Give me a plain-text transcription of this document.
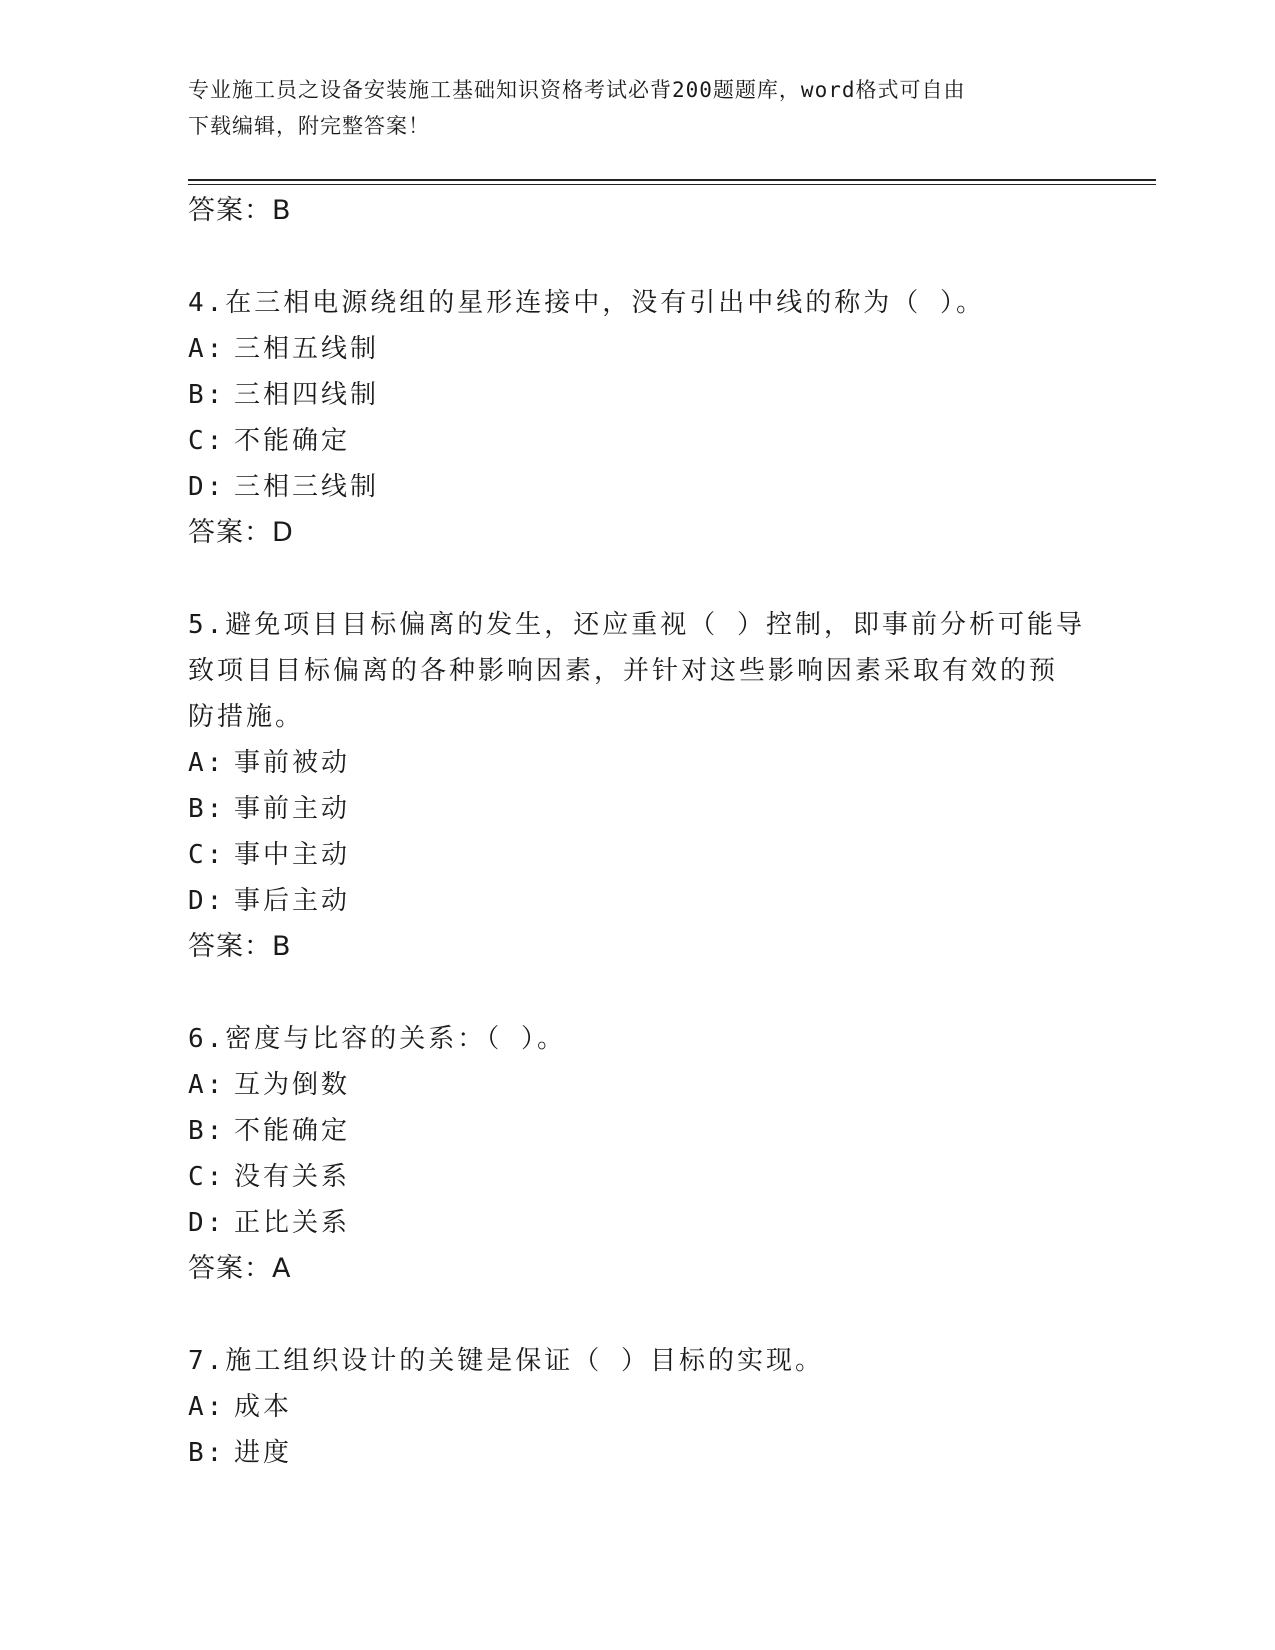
专业施工员之设备安装施工基础知识资格考试必背200题题库，word格式可自由
下载编辑，附完整答案！
答案：B
4.在三相电源绕组的星形连接中，没有引出中线的称为（ ）。
A: 三相五线制
B: 三相四线制
C: 不能确定
D: 三相三线制
答案：D
5.避免项目目标偏离的发生，还应重视（ ）控制，即事前分析可能导
致项目目标偏离的各种影响因素，并针对这些影响因素采取有效的预
防措施。
A: 事前被动
B: 事前主动
C: 事中主动
D: 事后主动
答案：B
6.密度与比容的关系：（ ）。
A: 互为倒数
B: 不能确定
C: 没有关系
D: 正比关系
答案：A
7.施工组织设计的关键是保证（ ）目标的实现。
A: 成本
B: 进度
